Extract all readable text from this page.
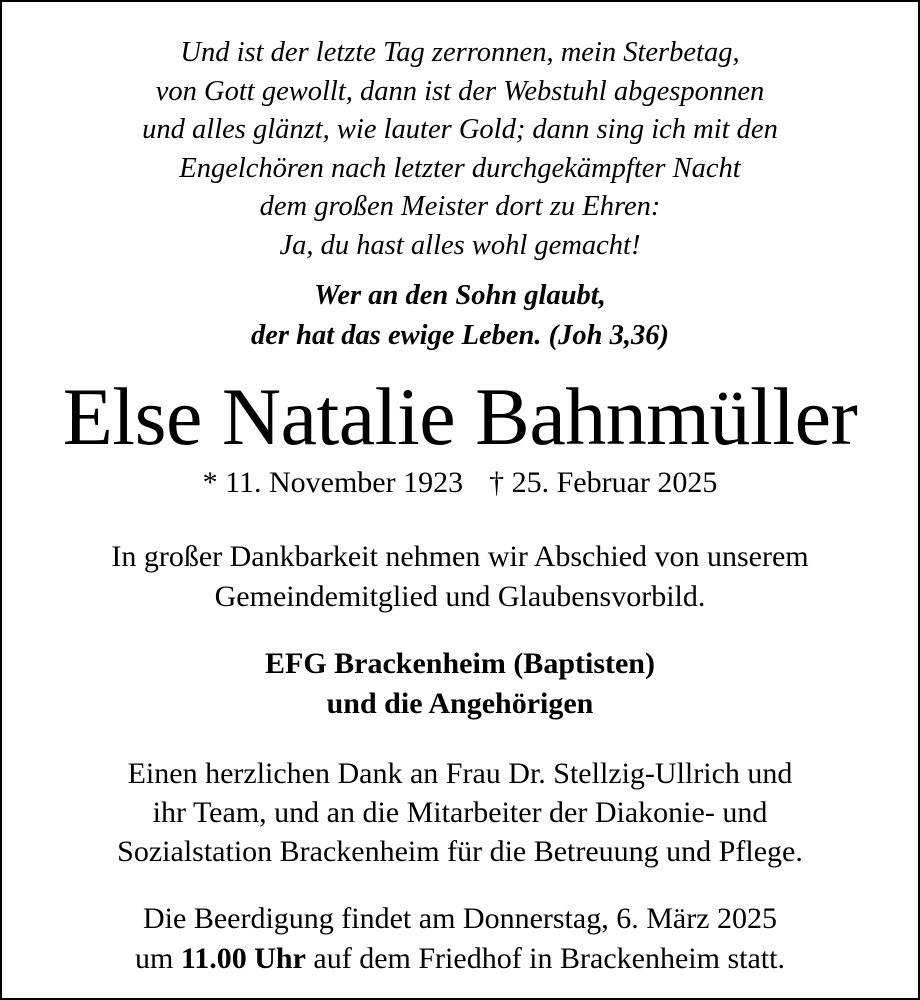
Und ist der letzte Tag zerronnen, mein Sterbetag,
von Gott gewollt, dann ist der Webstuhl abgesponnen
und alles glänzt, wie lauter Gold; dann sing ich mit den
Engelchören nach letzter durchgekämpfter Nacht
dem großen Meister dort zu Ehren:
Ja, du hast alles wohl gemacht!
Wer an den Sohn glaubt,
der hat das ewige Leben. (Joh 3,36)
Else Natalie Bahnmüller
* 11. November 1923 † 25. Februar 2025
In großer Dankbarkeit nehmen wir Abschied von unserem
Gemeindemitglied und Glaubensvorbild.
EFG Brackenheim (Baptisten)
und die Angehörigen
Einen herzlichen Dank an Frau Dr. Stellzig-Ullrich und
ihr Team, und an die Mitarbeiter der Diakonie- und
Sozialstation Brackenheim für die Betreuung und Pflege.
Die Beerdigung findet am Donnerstag, 6. März 2025
um 11.00 Uhr auf dem Friedhof in Brackenheim statt.
